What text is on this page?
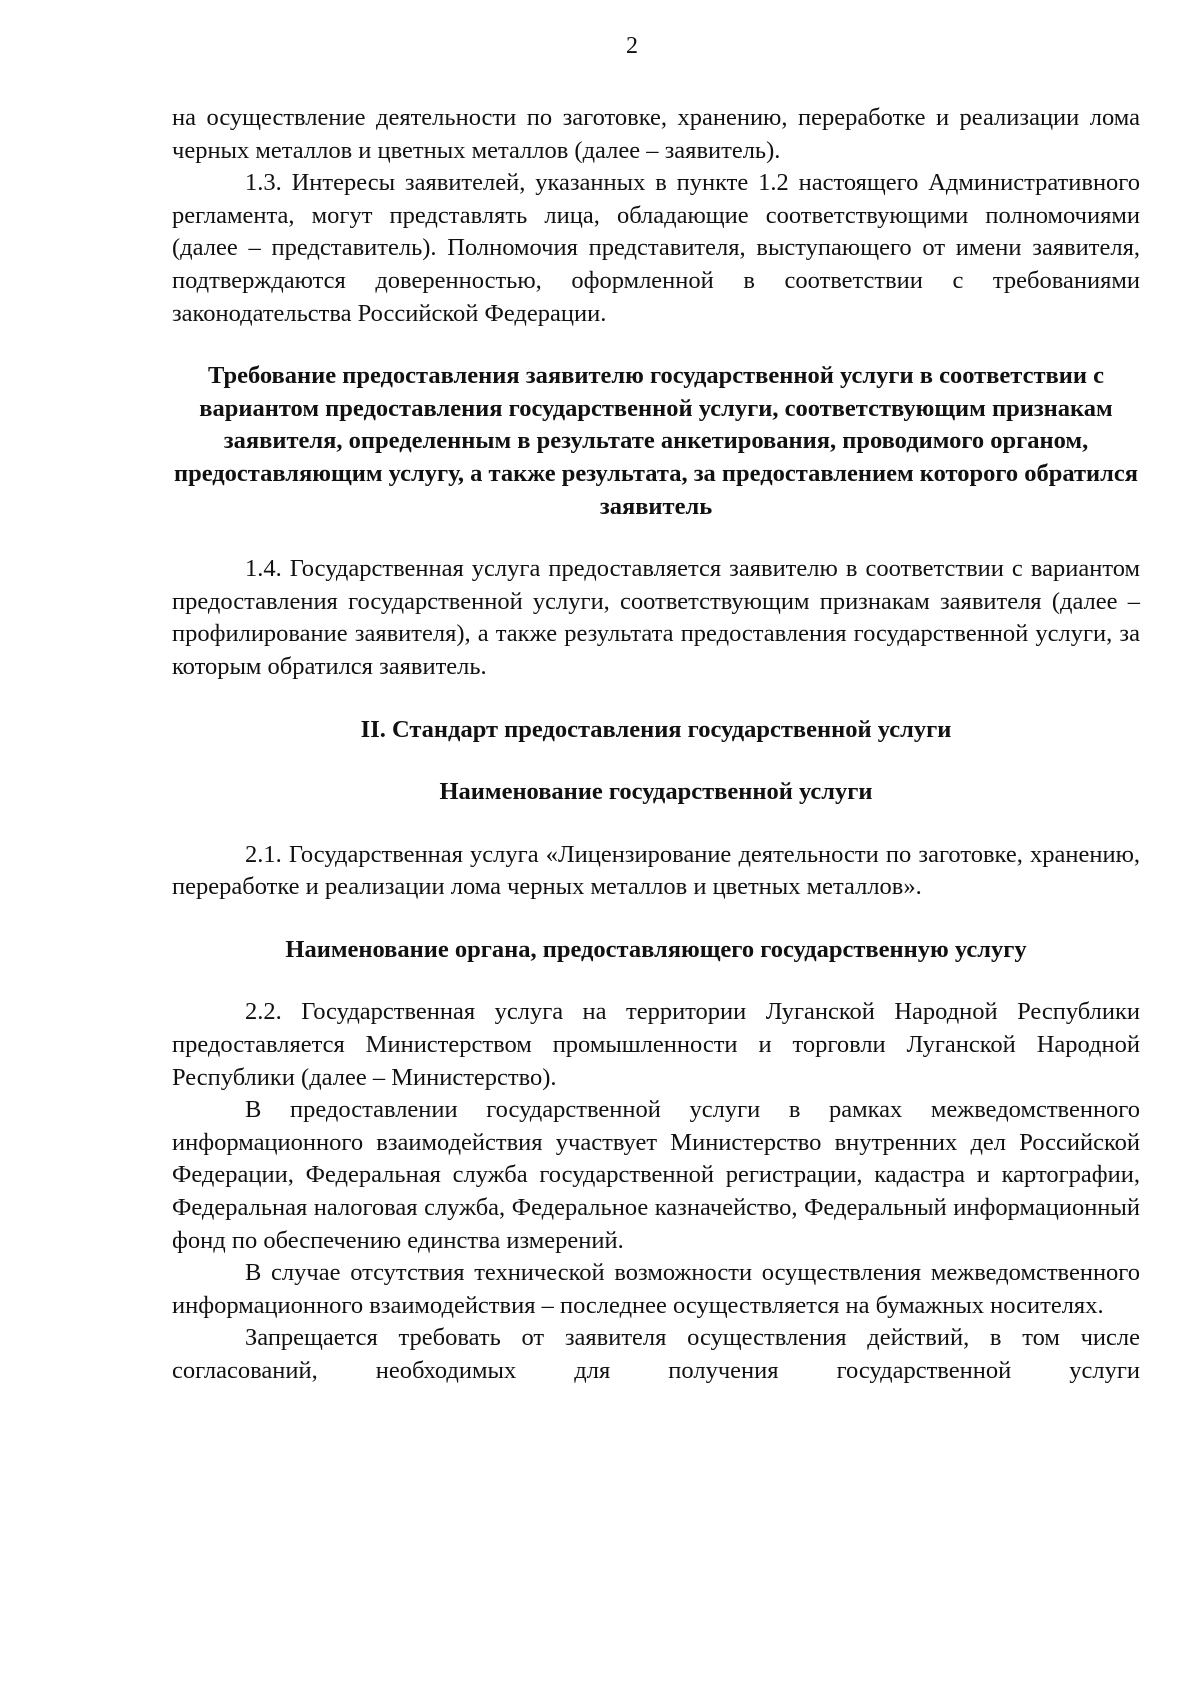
2

на осуществление деятельности по заготовке, хранению, переработке и реализации лома черных металлов и цветных металлов (далее – заявитель).

1.3. Интересы заявителей, указанных в пункте 1.2 настоящего Административного регламента, могут представлять лица, обладающие соответствующими полномочиями (далее – представитель). Полномочия представителя, выступающего от имени заявителя, подтверждаются доверенностью, оформленной в соответствии с требованиями законодательства Российской Федерации.

Требование предоставления заявителю государственной услуги в соответствии с вариантом предоставления государственной услуги, соответствующим признакам заявителя, определенным в результате анкетирования, проводимого органом, предоставляющим услугу, а также результата, за предоставлением которого обратился заявитель

1.4. Государственная услуга предоставляется заявителю в соответствии с вариантом предоставления государственной услуги, соответствующим признакам заявителя (далее – профилирование заявителя), а также результата предоставления государственной услуги, за которым обратился заявитель.

II. Стандарт предоставления государственной услуги
Наименование государственной услуги

2.1. Государственная услуга «Лицензирование деятельности по заготовке, хранению, переработке и реализации лома черных металлов и цветных металлов».

Наименование органа, предоставляющего государственную услугу

2.2. Государственная услуга на территории Луганской Народной Республики предоставляется Министерством промышленности и торговли Луганской Народной Республики (далее – Министерство).

В предоставлении государственной услуги в рамках межведомственного информационного взаимодействия участвует Министерство внутренних дел Российской Федерации, Федеральная служба государственной регистрации, кадастра и картографии, Федеральная налоговая служба, Федеральное казначейство, Федеральный информационный фонд по обеспечению единства измерений.

В случае отсутствия технической возможности осуществления межведомственного информационного взаимодействия – последнее осуществляется на бумажных носителях.

Запрещается требовать от заявителя осуществления действий, в том числе согласований, необходимых для получения государственной услуги
